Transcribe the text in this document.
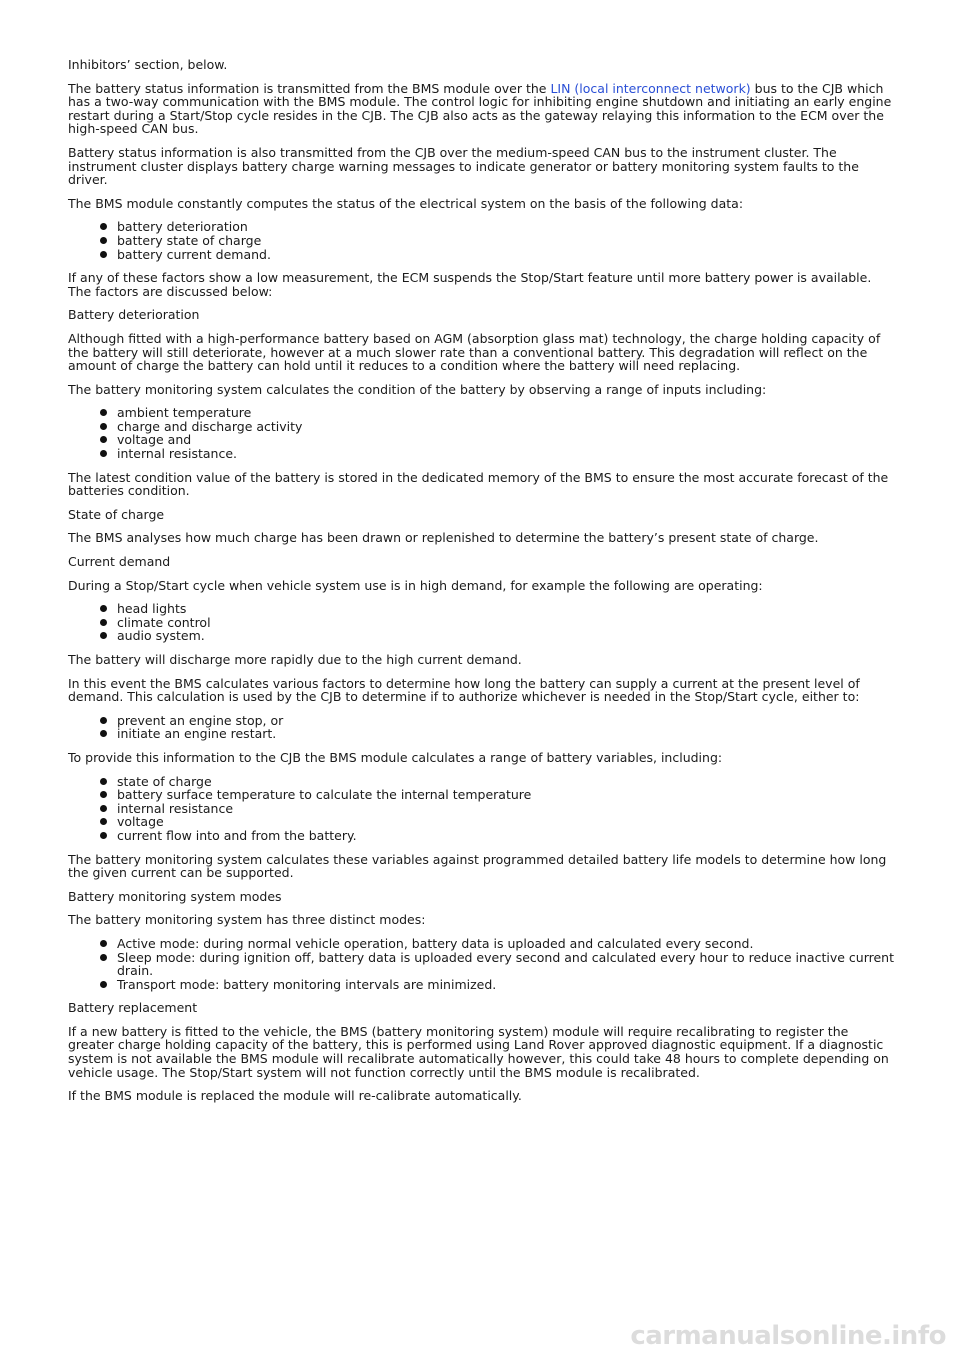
Inhibitors’ section, below.

The battery status information is transmitted from the BMS module over the LIN (local interconnect network) bus to the CJB which has a two-way communication with the BMS module. The control logic for inhibiting engine shutdown and initiating an early engine restart during a Start/Stop cycle resides in the CJB. The CJB also acts as the gateway relaying this information to the ECM over the high-speed CAN bus.

Battery status information is also transmitted from the CJB over the medium-speed CAN bus to the instrument cluster. The instrument cluster displays battery charge warning messages to indicate generator or battery monitoring system faults to the driver.

The BMS module constantly computes the status of the electrical system on the basis of the following data:

battery deterioration
battery state of charge
battery current demand.

If any of these factors show a low measurement, the ECM suspends the Stop/Start feature until more battery power is available. The factors are discussed below:

Battery deterioration

Although fitted with a high-performance battery based on AGM (absorption glass mat) technology, the charge holding capacity of the battery will still deteriorate, however at a much slower rate than a conventional battery. This degradation will reflect on the amount of charge the battery can hold until it reduces to a condition where the battery will need replacing.

The battery monitoring system calculates the condition of the battery by observing a range of inputs including:

ambient temperature
charge and discharge activity
voltage and
internal resistance.

The latest condition value of the battery is stored in the dedicated memory of the BMS to ensure the most accurate forecast of the batteries condition.

State of charge

The BMS analyses how much charge has been drawn or replenished to determine the battery’s present state of charge.

Current demand

During a Stop/Start cycle when vehicle system use is in high demand, for example the following are operating:

head lights
climate control
audio system.

The battery will discharge more rapidly due to the high current demand.

In this event the BMS calculates various factors to determine how long the battery can supply a current at the present level of demand. This calculation is used by the CJB to determine if to authorize whichever is needed in the Stop/Start cycle, either to:

prevent an engine stop, or
initiate an engine restart.

To provide this information to the CJB the BMS module calculates a range of battery variables, including:

state of charge
battery surface temperature to calculate the internal temperature
internal resistance
voltage
current flow into and from the battery.

The battery monitoring system calculates these variables against programmed detailed battery life models to determine how long the given current can be supported.

Battery monitoring system modes

The battery monitoring system has three distinct modes:

Active mode: during normal vehicle operation, battery data is uploaded and calculated every second.
Sleep mode: during ignition off, battery data is uploaded every second and calculated every hour to reduce inactive current drain.
Transport mode: battery monitoring intervals are minimized.

Battery replacement

If a new battery is fitted to the vehicle, the BMS (battery monitoring system) module will require recalibrating to register the greater charge holding capacity of the battery, this is performed using Land Rover approved diagnostic equipment. If a diagnostic system is not available the BMS module will recalibrate automatically however, this could take 48 hours to complete depending on vehicle usage. The Stop/Start system will not function correctly until the BMS module is recalibrated.

If the BMS module is replaced the module will re-calibrate automatically.

carmanualsonline.info
